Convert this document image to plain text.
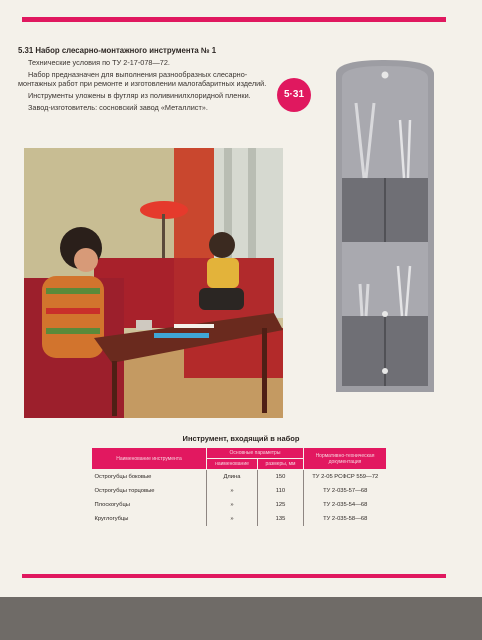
5.31 Набор слесарно-монтажного инструмента № 1

Технические условия по ТУ 2-17-078—72.

Набор предназначен для выполнения разнообразных слесарно-монтажных работ при ремонте и изготовлении малогабаритных изделий.

Инструменты уложены в футляр из поливинилхлоридной пленки.

Завод-изготовитель: сосновский завод «Металлист».

5·31
Инструмент, входящий в набор
Наименование инструмента	Основные параметры		Нормативно-техническая документация
	наименование	размеры, мм	
Острогубцы боковые	Длина	150	ТУ 2-05 РСФСР 559—72
Острогубцы торцовые	»	110	ТУ 2-035-57—68
Плоскогубцы	»	125	ТУ 2-035-54—68
Круглогубцы	»	135	ТУ 2-035-58—68
